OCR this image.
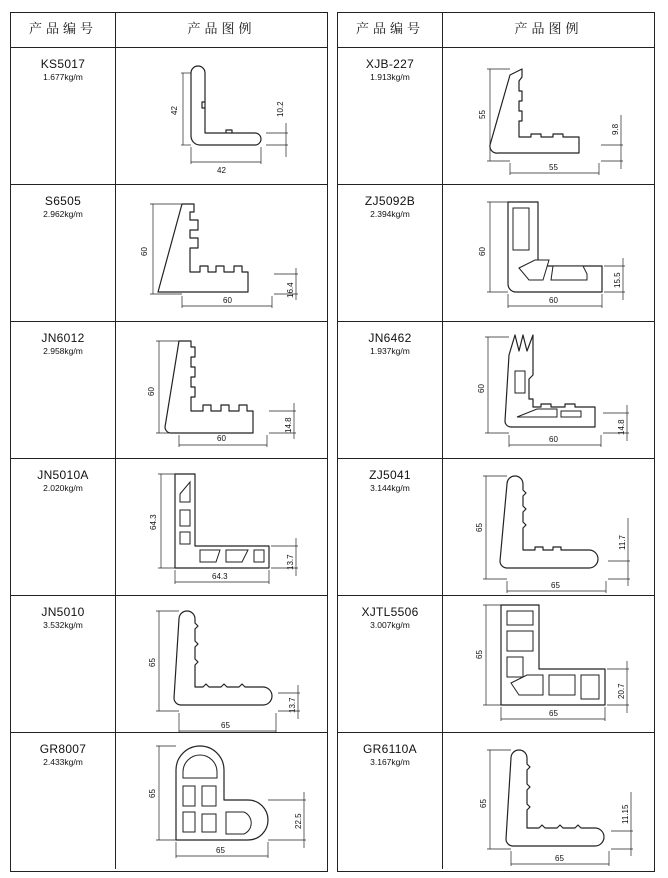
产品编号	产品图例
KS5017
1.677kg/m
42
42
10.2
S6505
2.962kg/m
60
60
16.4
JN6012
2.958kg/m
60
60
14.8
JN5010A
2.020kg/m
64.3
64.3
13.7
JN5010
3.532kg/m
65
65
13.7
GR8007
2.433kg/m
65
65
22.5
产品编号	产品图例
XJB-227
1.913kg/m
55
55
9.8
ZJ5092B
2.394kg/m
60
60
15.5
JN6462
1.937kg/m
60
60
14.8
ZJ5041
3.144kg/m
65
65
11.7
XJTL5506
3.007kg/m
65
65
20.7
GR6110A
3.167kg/m
65
65
11.15
